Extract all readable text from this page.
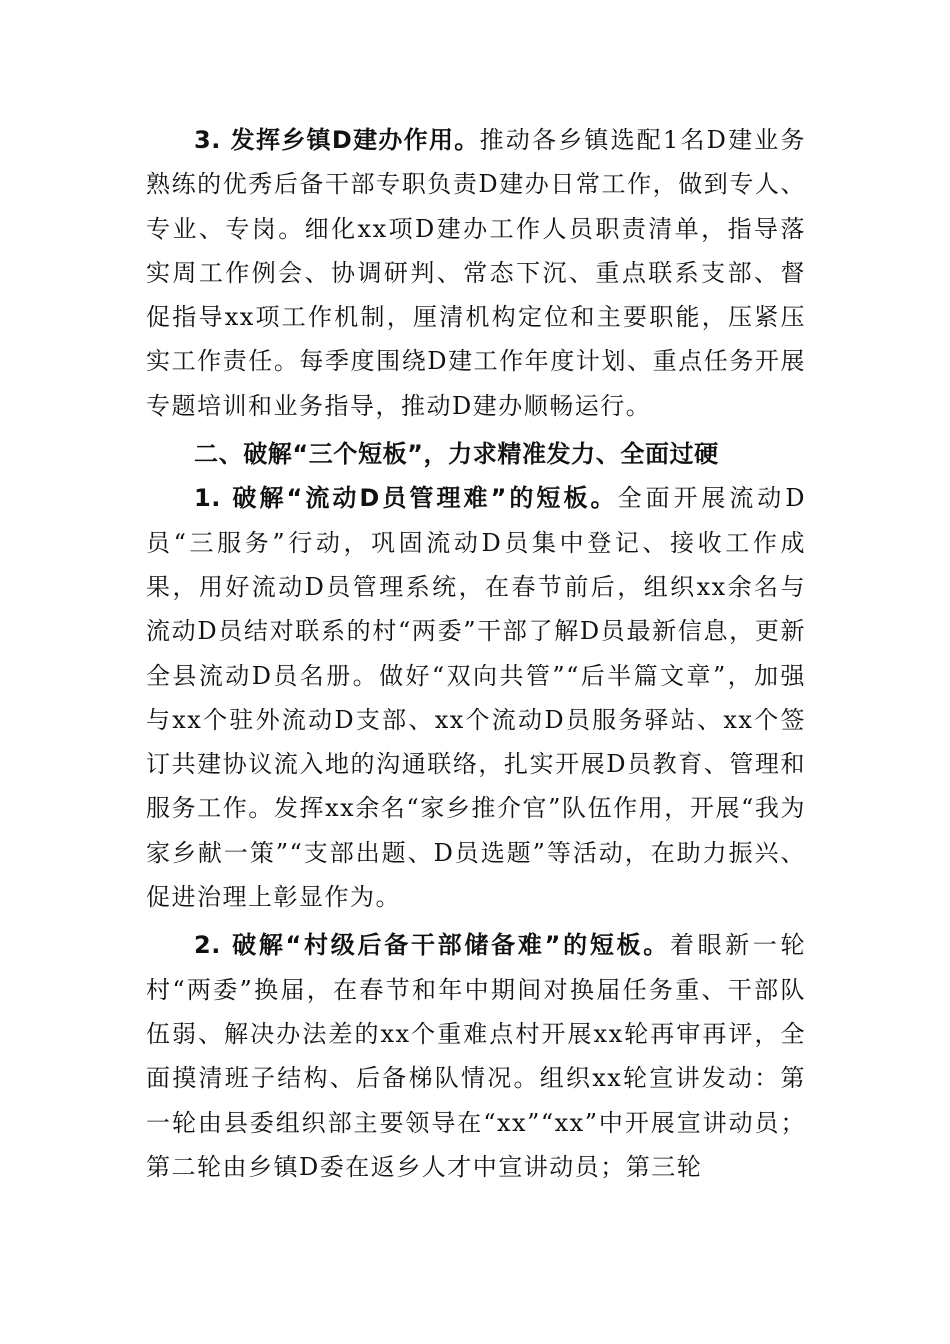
3. 发挥乡镇D建办作用。推动各乡镇选配1名D建业务熟练的优秀后备干部专职负责D建办日常工作，做到专人、专业、专岗。细化xx项D建办工作人员职责清单，指导落实周工作例会、协调研判、常态下沉、重点联系支部、督促指导xx项工作机制，厘清机构定位和主要职能，压紧压实工作责任。每季度围绕D建工作年度计划、重点任务开展专题培训和业务指导，推动D建办顺畅运行。

二、破解“三个短板”，力求精准发力、全面过硬

1. 破解“流动D员管理难”的短板。全面开展流动D员“三服务”行动，巩固流动D员集中登记、接收工作成果，用好流动D员管理系统，在春节前后，组织xx余名与流动D员结对联系的村“两委”干部了解D员最新信息，更新全县流动D员名册。做好“双向共管”“后半篇文章”，加强与xx个驻外流动D支部、xx个流动D员服务驿站、xx个签订共建协议流入地的沟通联络，扎实开展D员教育、管理和服务工作。发挥xx余名“家乡推介官”队伍作用，开展“我为家乡献一策”“支部出题、D员选题”等活动，在助力振兴、促进治理上彰显作为。

2. 破解“村级后备干部储备难”的短板。着眼新一轮村“两委”换届，在春节和年中期间对换届任务重、干部队伍弱、解决办法差的xx个重难点村开展xx轮再审再评，全面摸清班子结构、后备梯队情况。组织xx轮宣讲发动：第一轮由县委组织部主要领导在“xx”“xx”中开展宣讲动员；第二轮由乡镇D委在返乡人才中宣讲动员；第三轮
